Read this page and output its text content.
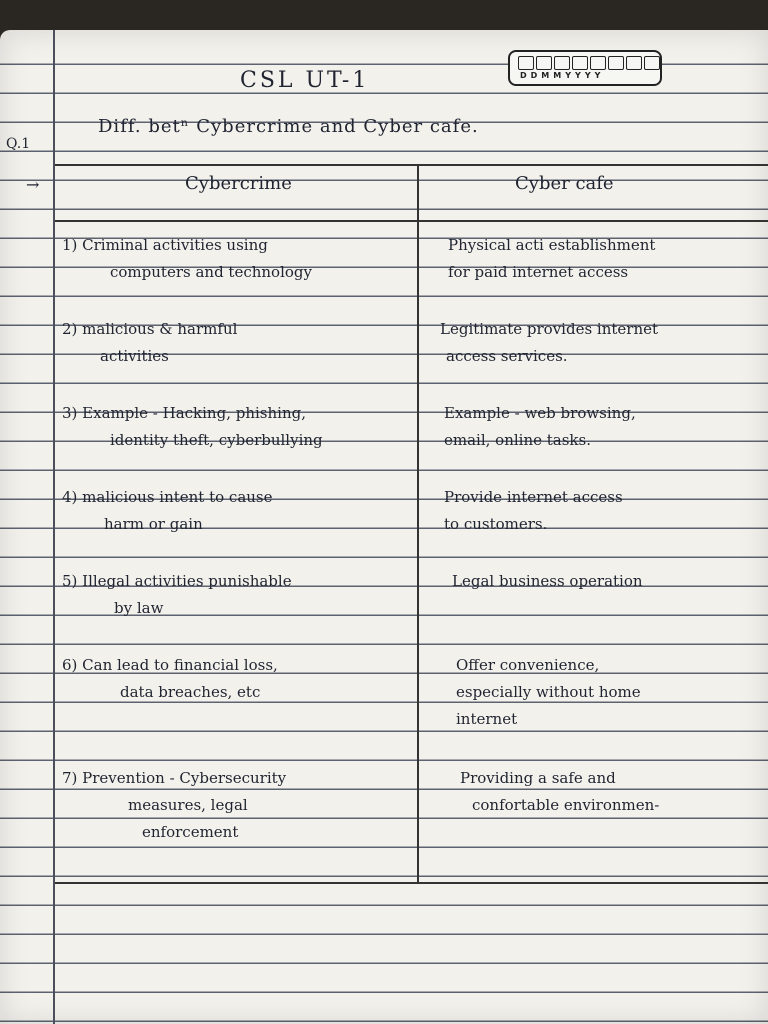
D D M M Y Y Y Y
CSL UT-1
Q.1
Diff. betⁿ Cybercrime and Cyber cafe.
→	Cybercrime	Cyber cafe
1) Criminal activities using
computers and technology
Physical acti establishment
for paid internet access
2) malicious & harmful
activities
Legitimate provides internet
access services.
3) Example - Hacking, phishing,
identity theft, cyberbullying
Example - web browsing,
email, online tasks.
4) malicious intent to cause
harm or gain
Provide internet access
to customers.
5) Illegal activities punishable
by law
Legal business operation
6) Can lead to financial loss,
data breaches, etc
Offer convenience,
especially without home
internet
7) Prevention - Cybersecurity
measures, legal
enforcement
Providing a safe and
confortable environmen-
